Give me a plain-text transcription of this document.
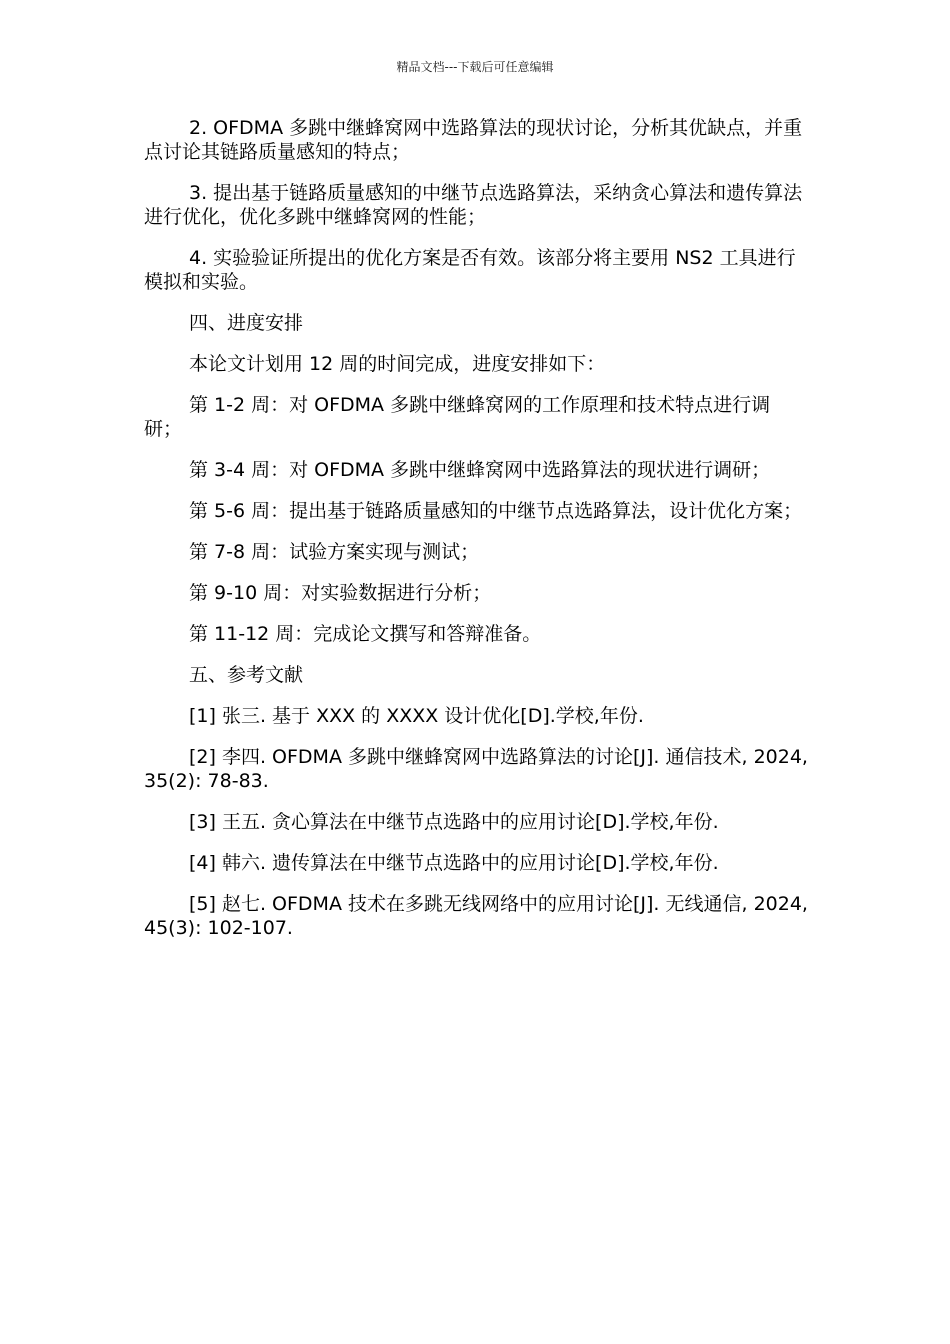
精品文档---下载后可任意编辑

2. OFDMA 多跳中继蜂窝网中选路算法的现状讨论，分析其优缺点，并重点讨论其链路质量感知的特点；

3. 提出基于链路质量感知的中继节点选路算法，采纳贪心算法和遗传算法进行优化，优化多跳中继蜂窝网的性能；

4. 实验验证所提出的优化方案是否有效。该部分将主要用 NS2 工具进行模拟和实验。

四、进度安排

本论文计划用 12 周的时间完成，进度安排如下：

第 1-2 周：对 OFDMA 多跳中继蜂窝网的工作原理和技术特点进行调研；

第 3-4 周：对 OFDMA 多跳中继蜂窝网中选路算法的现状进行调研；

第 5-6 周：提出基于链路质量感知的中继节点选路算法，设计优化方案；

第 7-8 周：试验方案实现与测试；

第 9-10 周：对实验数据进行分析；

第 11-12 周：完成论文撰写和答辩准备。

五、参考文献

[1] 张三. 基于 XXX 的 XXXX 设计优化[D].学校,年份.

[2] 李四. OFDMA 多跳中继蜂窝网中选路算法的讨论[J]. 通信技术, 2024, 35(2): 78-83.

[3] 王五. 贪心算法在中继节点选路中的应用讨论[D].学校,年份.

[4] 韩六. 遗传算法在中继节点选路中的应用讨论[D].学校,年份.

[5] 赵七. OFDMA 技术在多跳无线网络中的应用讨论[J]. 无线通信, 2024, 45(3): 102-107.
